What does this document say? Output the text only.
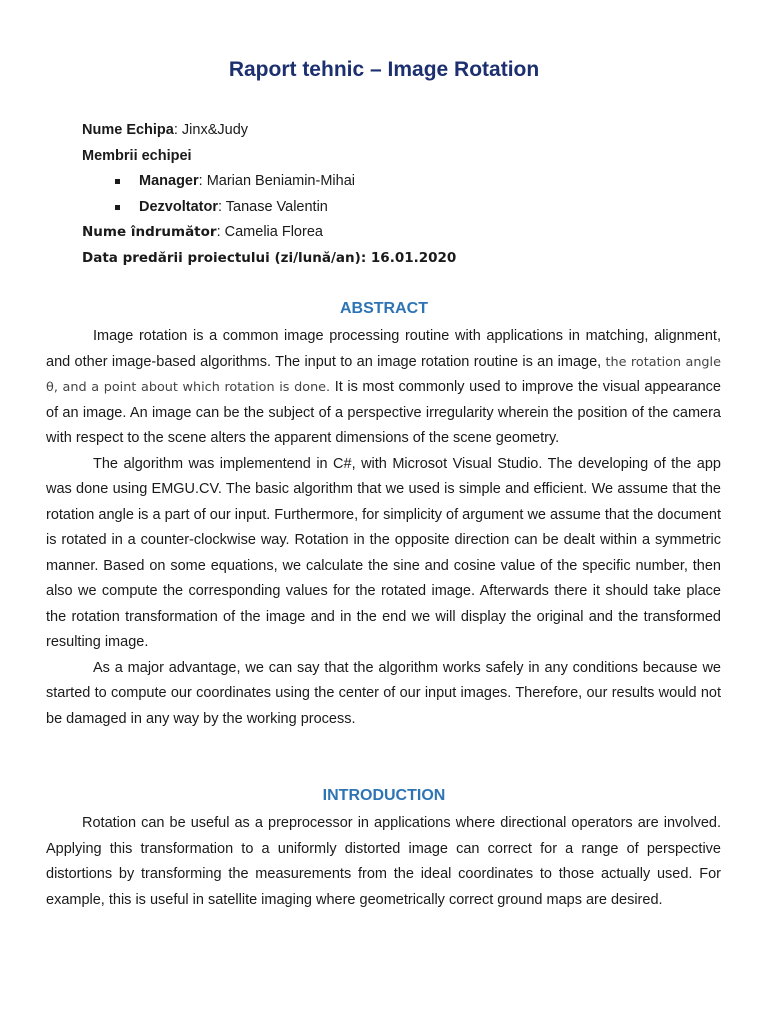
Raport tehnic – Image Rotation
Nume Echipa: Jinx&Judy
Membrii echipei
Manager: Marian Beniamin-Mihai
Dezvoltator: Tanase Valentin
Nume îndrumător: Camelia Florea
Data predării proiectului (zi/lună/an): 16.01.2020
ABSTRACT

Image rotation is a common image processing routine with applications in matching, alignment, and other image-based algorithms. The input to an image rotation routine is an image, the rotation angle θ, and a point about which rotation is done. It is most commonly used to improve the visual appearance of an image. An image can be the subject of a perspective irregularity wherein the position of the camera with respect to the scene alters the apparent dimensions of the scene geometry.

The algorithm was implementend in C#, with Microsot Visual Studio. The developing of the app was done using EMGU.CV. The basic algorithm that we used is simple and efficient. We assume that the rotation angle is a part of our input. Furthermore, for simplicity of argument we assume that the document is rotated in a counter-clockwise way. Rotation in the opposite direction can be dealt within a symmetric manner. Based on some equations, we calculate the sine and cosine value of the specific number, then also we compute the corresponding values for the rotated image. Afterwards there it should take place the rotation transformation of the image and in the end we will display the original and the transformed resulting image.

As a major advantage, we can say that the algorithm works safely in any conditions because we started to compute our coordinates using the center of our input images. Therefore, our results would not be damaged in any way by the working process.

INTRODUCTION

Rotation can be useful as a preprocessor in applications where directional operators are involved. Applying this transformation to a uniformly distorted image can correct for a range of perspective distortions by transforming the measurements from the ideal coordinates to those actually used. For example, this is useful in satellite imaging where geometrically correct ground maps are desired.
